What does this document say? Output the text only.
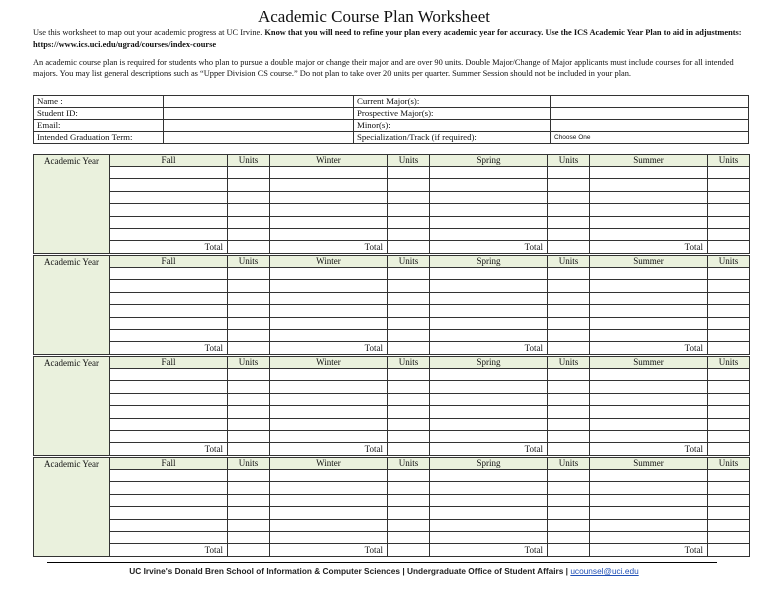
Academic Course Plan Worksheet
Use this worksheet to map out your academic progress at UC Irvine. Know that you will need to refine your plan every academic year for accuracy. Use the ICS Academic Year Plan to aid in adjustments: https://www.ics.uci.edu/ugrad/courses/index-course
An academic course plan is required for students who plan to pursue a double major or change their major and are over 90 units. Double Major/Change of Major applicants must include courses for all intended majors. You may list general descriptions such as “Upper Division CS course.” Do not plan to take over 20 units per quarter. Summer Session should not be included in your plan.
Name :		Current Major(s):	
Student ID:		Prospective Major(s):	
Email:		Minor(s):	
Intended Graduation Term:		Specialization/Track (if required):	Choose One
Academic Year	Fall	Units	Winter	Units	Spring	Units	Summer	Units

	Total		Total		Total		Total	
Academic Year	Fall	Units	Winter	Units	Spring	Units	Summer	Units

	Total		Total		Total		Total	
Academic Year	Fall	Units	Winter	Units	Spring	Units	Summer	Units

	Total		Total		Total		Total	
Academic Year	Fall	Units	Winter	Units	Spring	Units	Summer	Units

	Total		Total		Total		Total	
UC Irvine's Donald Bren School of Information & Computer Sciences | Undergraduate Office of Student Affairs | ucounsel@uci.edu
